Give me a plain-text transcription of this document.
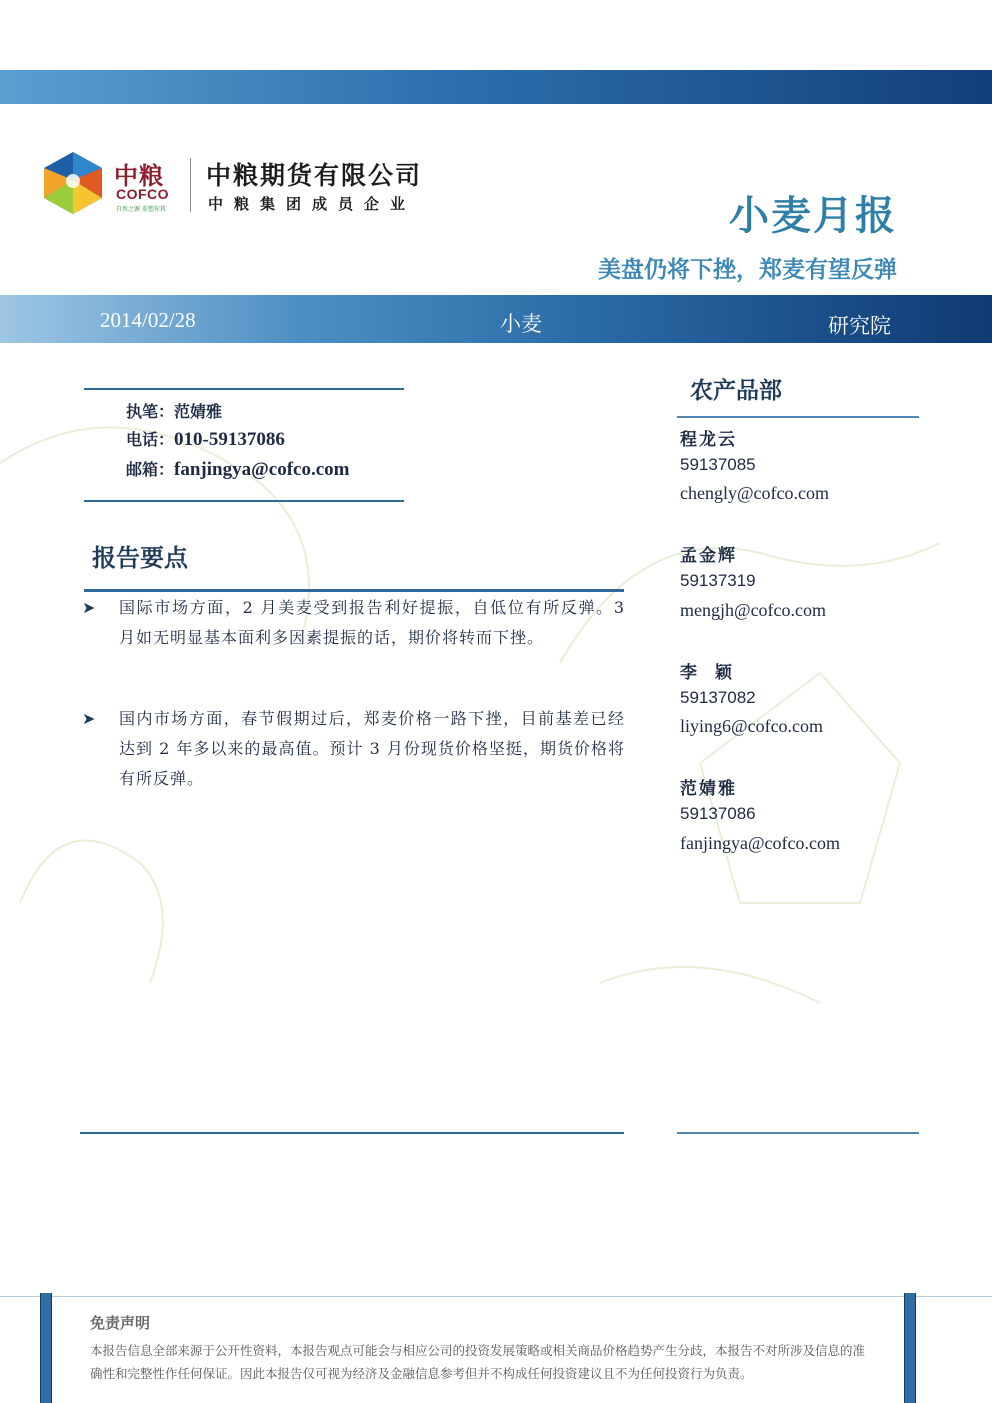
中粮
COFCO
自然之源 重塑你我
中粮期货有限公司
中粮集团成员企业	小麦月报
美盘仍将下挫，郑麦有望反弹
2014/02/28	小麦	研究院
执笔：范婧雅
电话：010-59137086
邮箱：fanjingya@cofco.com
报告要点
➤ 国际市场方面，2 月美麦受到报告利好提振，自低位有所反弹。3 月如无明显基本面利多因素提振的话，期价将转而下挫。
➤ 国内市场方面，春节假期过后，郑麦价格一路下挫，目前基差已经达到 2 年多以来的最高值。预计 3 月份现货价格坚挺，期货价格将有所反弹。
农产品部
程龙云
59137085
chengly@cofco.com
孟金辉
59137319
mengjh@cofco.com
李  颖
59137082
liying6@cofco.com
范婧雅
59137086
fanjingya@cofco.com
免责声明
本报告信息全部来源于公开性资料，本报告观点可能会与相应公司的投资发展策略或相关商品价格趋势产生分歧，本报告不对所涉及信息的准
确性和完整性作任何保证。因此本报告仅可视为经济及金融信息参考但并不构成任何投资建议且不为任何投资行为负责。
